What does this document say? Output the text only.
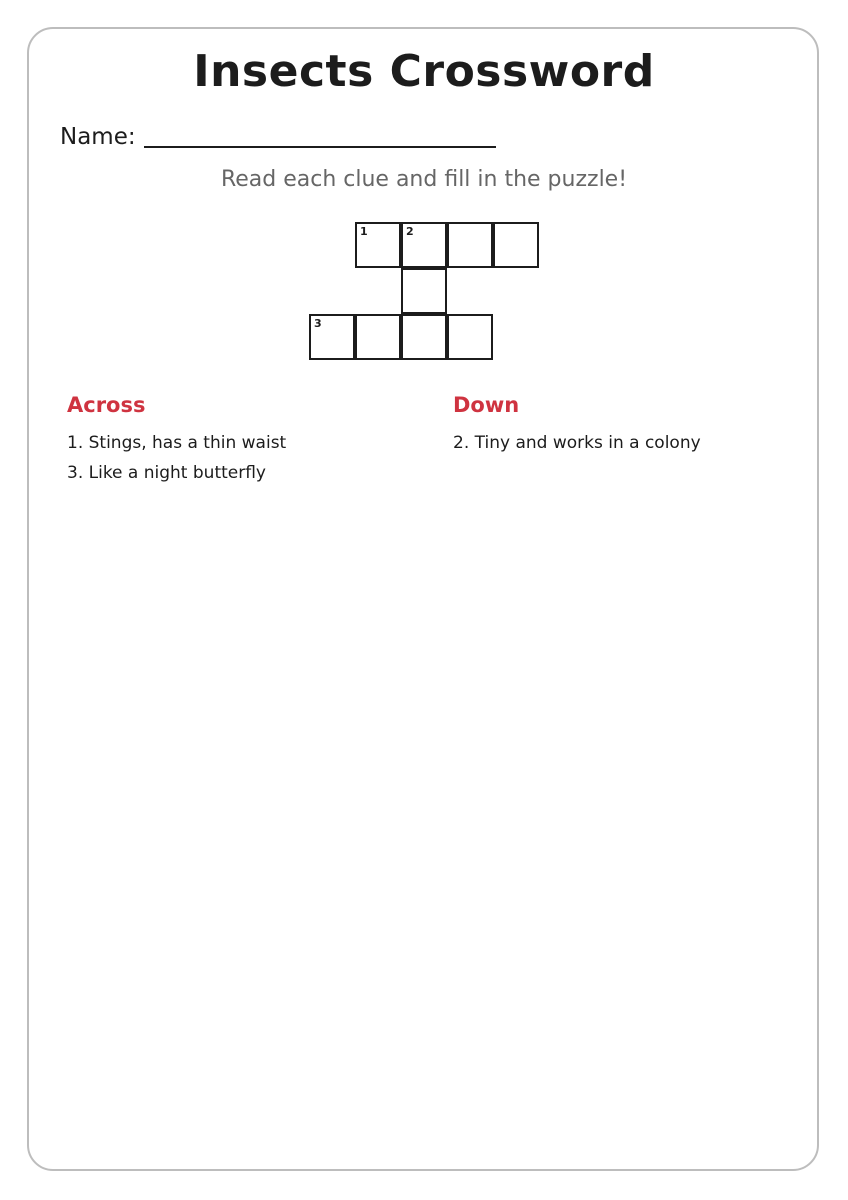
Insects Crossword
Name:
Read each clue and fill in the puzzle!
1	2
3
Across
1. Stings, has a thin waist
3. Like a night butterfly
Down
2. Tiny and works in a colony
